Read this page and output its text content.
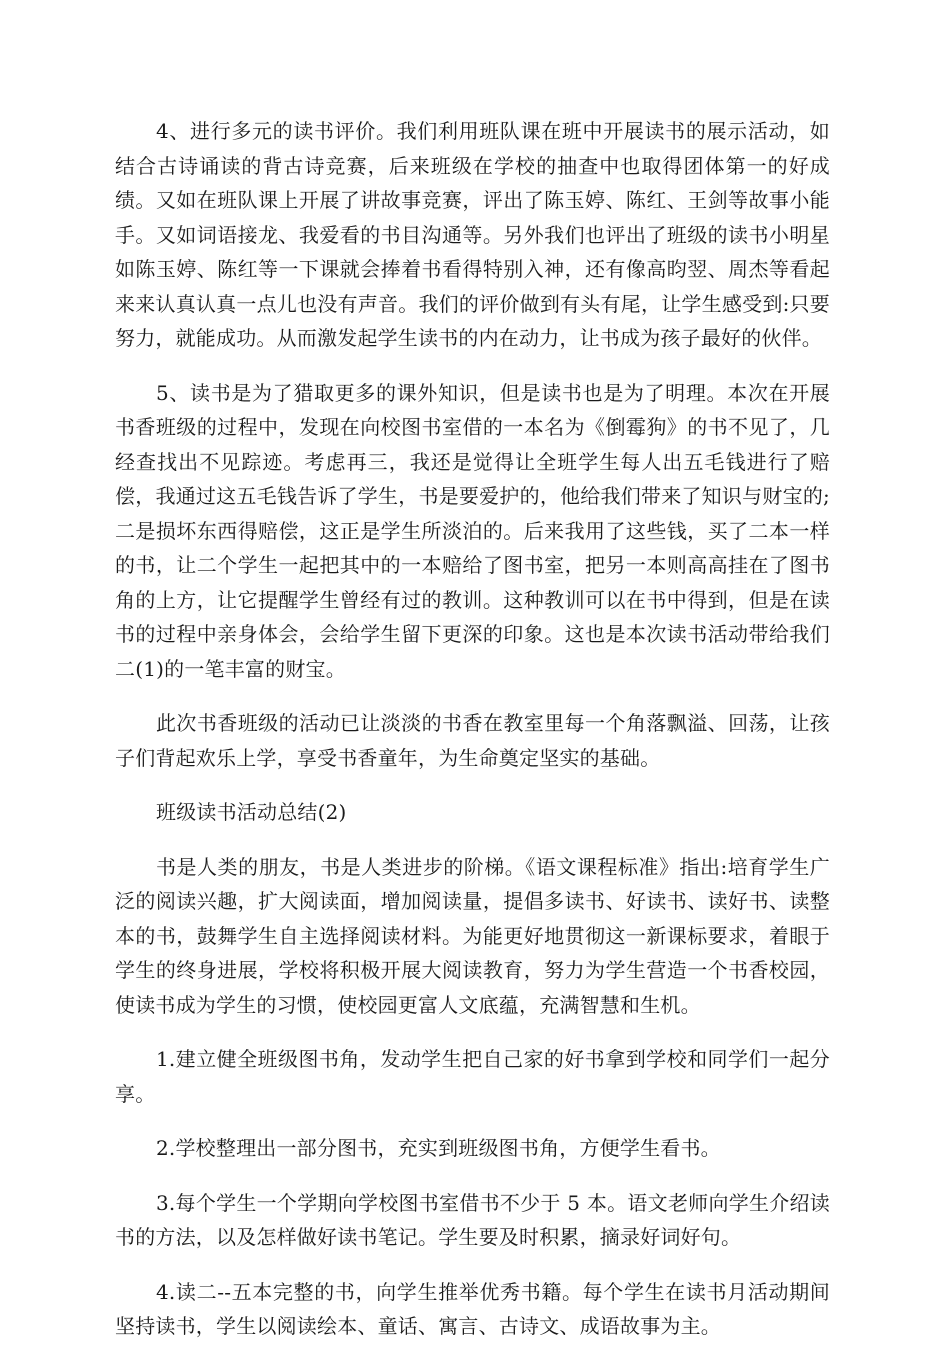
4、进行多元的读书评价。我们利用班队课在班中开展读书的展示活动，如结合古诗诵读的背古诗竞赛，后来班级在学校的抽查中也取得团体第一的好成绩。又如在班队课上开展了讲故事竞赛，评出了陈玉婷、陈红、王剑等故事小能手。又如词语接龙、我爱看的书目沟通等。另外我们也评出了班级的读书小明星如陈玉婷、陈红等一下课就会捧着书看得特别入神，还有像高昀翌、周杰等看起来来认真认真一点儿也没有声音。我们的评价做到有头有尾，让学生感受到:只要努力，就能成功。从而激发起学生读书的内在动力，让书成为孩子最好的伙伴。

5、读书是为了猎取更多的课外知识，但是读书也是为了明理。本次在开展书香班级的过程中，发现在向校图书室借的一本名为《倒霉狗》的书不见了，几经查找出不见踪迹。考虑再三，我还是觉得让全班学生每人出五毛钱进行了赔偿，我通过这五毛钱告诉了学生，书是要爱护的，他给我们带来了知识与财宝的;二是损坏东西得赔偿，这正是学生所淡泊的。后来我用了这些钱，买了二本一样的书，让二个学生一起把其中的一本赔给了图书室，把另一本则高高挂在了图书角的上方，让它提醒学生曾经有过的教训。这种教训可以在书中得到，但是在读书的过程中亲身体会，会给学生留下更深的印象。这也是本次读书活动带给我们二(1)的一笔丰富的财宝。

此次书香班级的活动已让淡淡的书香在教室里每一个角落飘溢、回荡，让孩子们背起欢乐上学，享受书香童年，为生命奠定坚实的基础。

班级读书活动总结(2)

书是人类的朋友，书是人类进步的阶梯。《语文课程标准》指出:培育学生广泛的阅读兴趣，扩大阅读面，增加阅读量，提倡多读书、好读书、读好书、读整本的书，鼓舞学生自主选择阅读材料。为能更好地贯彻这一新课标要求，着眼于学生的终身进展，学校将积极开展大阅读教育，努力为学生营造一个书香校园，使读书成为学生的习惯，使校园更富人文底蕴，充满智慧和生机。

1.建立健全班级图书角，发动学生把自己家的好书拿到学校和同学们一起分享。

2.学校整理出一部分图书，充实到班级图书角，方便学生看书。

3.每个学生一个学期向学校图书室借书不少于 5 本。语文老师向学生介绍读书的方法，以及怎样做好读书笔记。学生要及时积累，摘录好词好句。

4.读二--五本完整的书，向学生推举优秀书籍。每个学生在读书月活动期间坚持读书，学生以阅读绘本、童话、寓言、古诗文、成语故事为主。
